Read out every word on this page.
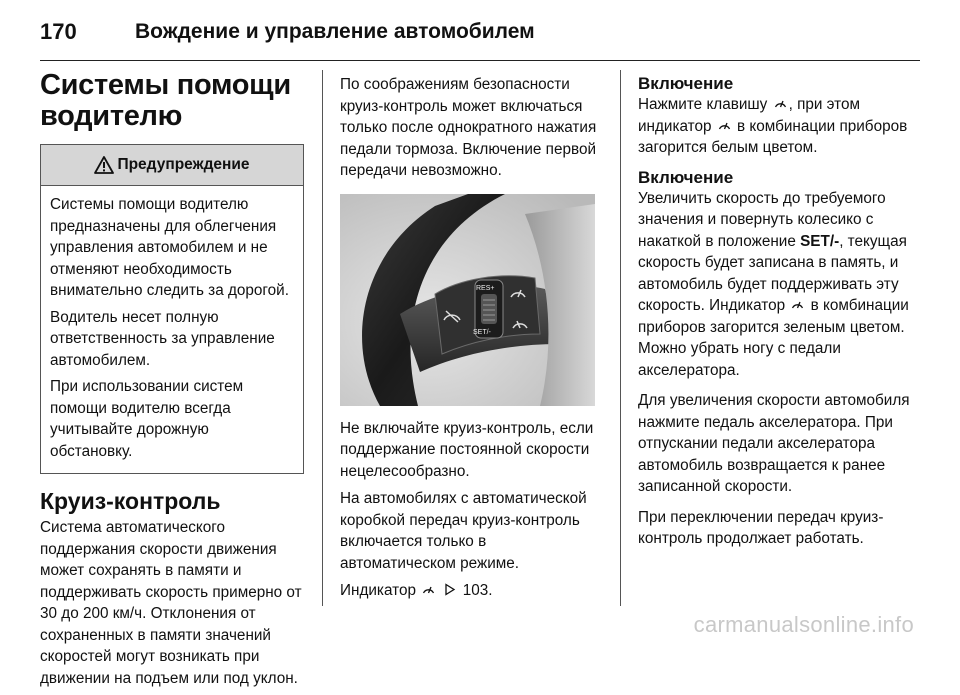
170	Вождение и управление автомобилем
Системы помощи
водителю
Предупреждение

Системы помощи водителю предназначены для облегчения управления автомобилем и не отменяют необходимость внимательно следить за дорогой.

Водитель несет полную ответственность за управление автомобилем.

При использовании систем помощи водителю всегда учитывайте дорожную обстановку.

Круиз-контроль

Система автоматического поддержания скорости движения может сохранять в памяти и поддерживать скорость примерно от 30 до 200 км/ч. Отклонения от сохраненных в памяти значений скоростей могут возникать при движении на подъем или под уклон.

По соображениям безопасности круиз-контроль может включаться только после однократного нажатия педали тормоза. Включение первой передачи невозможно.

RES+
SET/-

Не включайте круиз-контроль, если поддержание постоянной скорости нецелесообразно.

На автомобилях с автоматической коробкой передач круиз-контроль включается только в автоматическом режиме.

Индикатор
	103.

Включение

Нажмите клавишу , при этом индикатор в комбинации приборов загорится белым цветом.

Включение

Увеличить скорость до требуемого значения и повернуть колесико с накаткой в положение SET/-, текущая скорость будет записана в память, и автомобиль будет поддерживать эту скорость. Индикатор в комбинации приборов загорится зеленым цветом. Можно убрать ногу с педали акселератора.

Для увеличения скорости автомобиля нажмите педаль акселератора. При отпускании педали акселератора автомобиль возвращается к ранее записанной скорости.

При переключении передач круиз-контроль продолжает работать.

carmanualsonline.info
